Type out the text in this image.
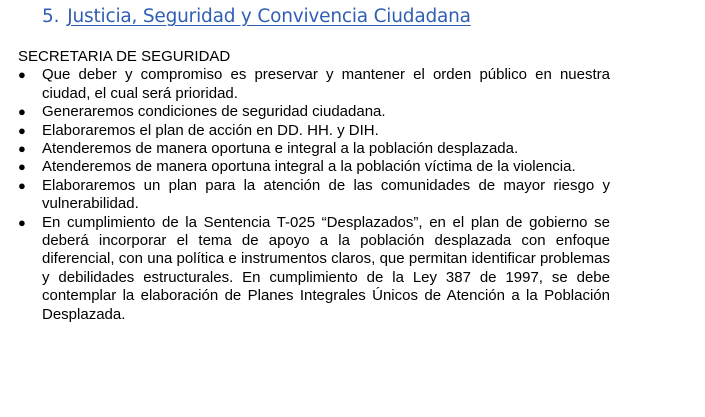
5. Justicia, Seguridad y Convivencia Ciudadana

SECRETARIA DE SEGURIDAD

● Que deber y compromiso es preservar y mantener el orden público en nuestra ciudad, el cual será prioridad.
● Generaremos condiciones de seguridad ciudadana.
● Elaboraremos el plan de acción en DD. HH. y DIH.
● Atenderemos de manera oportuna e integral a la población desplazada.
● Atenderemos de manera oportuna integral a la población víctima de la violencia.
● Elaboraremos un plan para la atención de las comunidades de mayor riesgo y vulnerabilidad.
● En cumplimiento de la Sentencia T-025 “Desplazados”, en el plan de gobierno se deberá incorporar el tema de apoyo a la población desplazada con enfoque diferencial, con una política e instrumentos claros, que permitan identificar problemas y debilidades estructurales. En cumplimiento de la Ley 387 de 1997, se debe contemplar la elaboración de Planes Integrales Únicos de Atención a la Población Desplazada.
